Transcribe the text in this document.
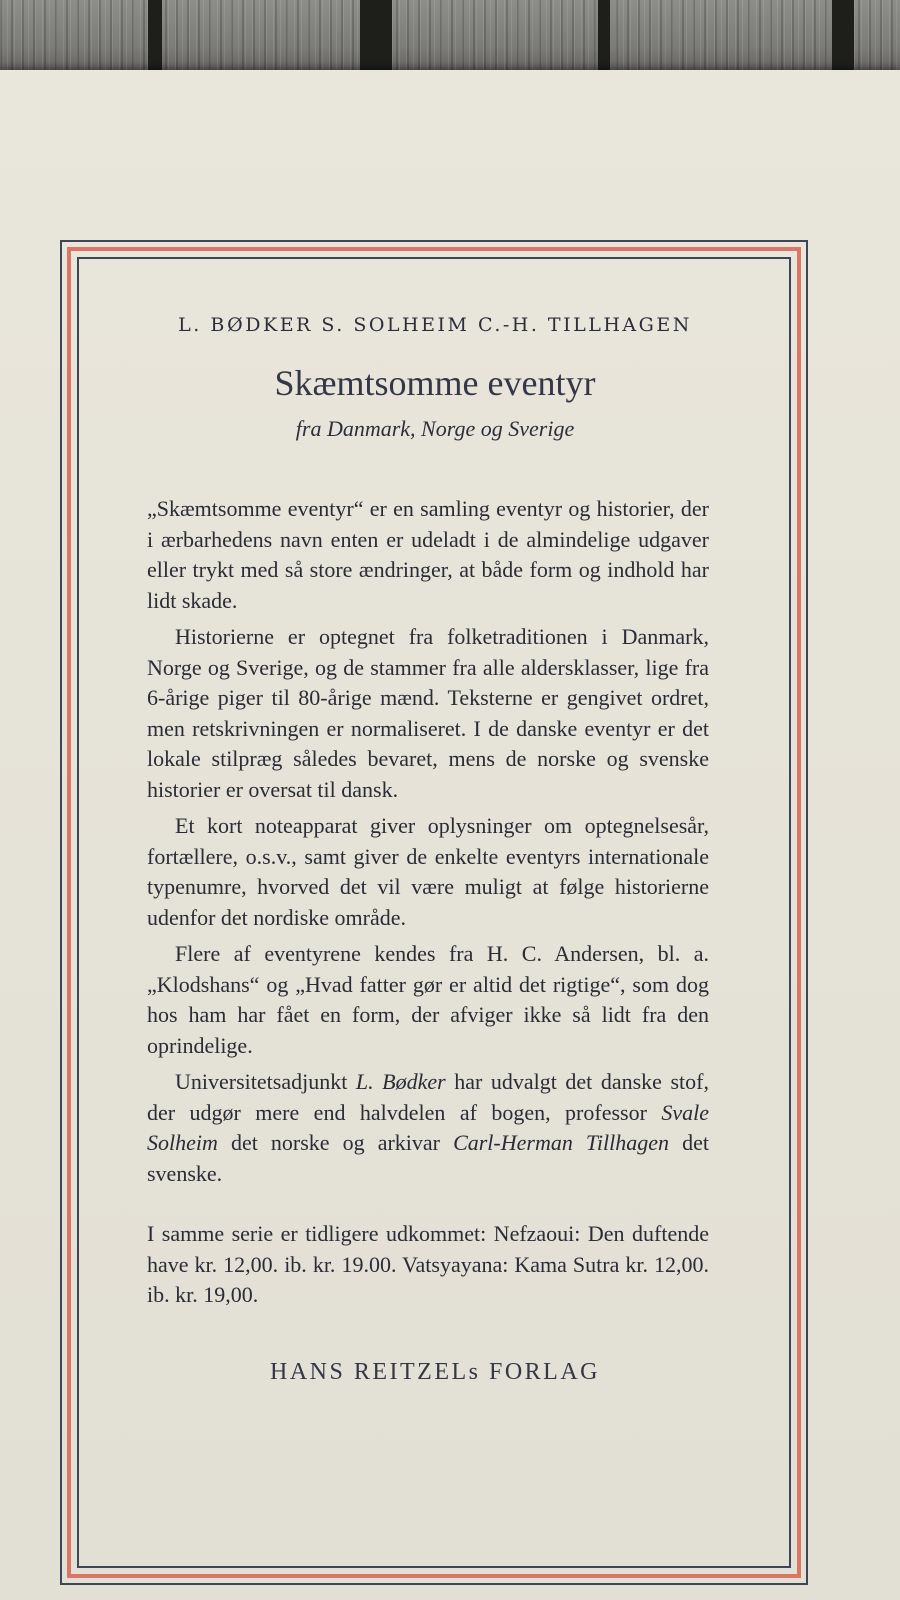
L. BØDKER S. SOLHEIM C.-H. TILLHAGEN
Skæmtsomme eventyr
fra Danmark, Norge og Sverige

„Skæmtsomme eventyr“ er en samling eventyr og historier, der i ærbarhedens navn enten er udeladt i de almindelige udgaver eller trykt med så store ændringer, at både form og indhold har lidt skade.

Historierne er optegnet fra folketraditionen i Danmark, Norge og Sverige, og de stammer fra alle aldersklasser, lige fra 6-årige piger til 80-årige mænd. Teksterne er gengivet ordret, men retskrivningen er normaliseret. I de danske eventyr er det lokale stilpræg således bevaret, mens de norske og svenske historier er oversat til dansk.

Et kort noteapparat giver oplysninger om optegnelsesår, fortællere, o.s.v., samt giver de enkelte eventyrs internationale typenumre, hvorved det vil være muligt at følge historierne udenfor det nordiske område.

Flere af eventyrene kendes fra H. C. Andersen, bl. a. „Klodshans“ og „Hvad fatter gør er altid det rigtige“, som dog hos ham har fået en form, der afviger ikke så lidt fra den oprindelige.

Universitetsadjunkt L. Bødker har udvalgt det danske stof, der udgør mere end halvdelen af bogen, professor Svale Solheim det norske og arkivar Carl-Herman Tillhagen det svenske.

I samme serie er tidligere udkommet: Nefzaoui: Den duftende have kr. 12,00. ib. kr. 19.00. Vatsyayana: Kama Sutra kr. 12,00. ib. kr. 19,00.

HANS REITZELs FORLAG
